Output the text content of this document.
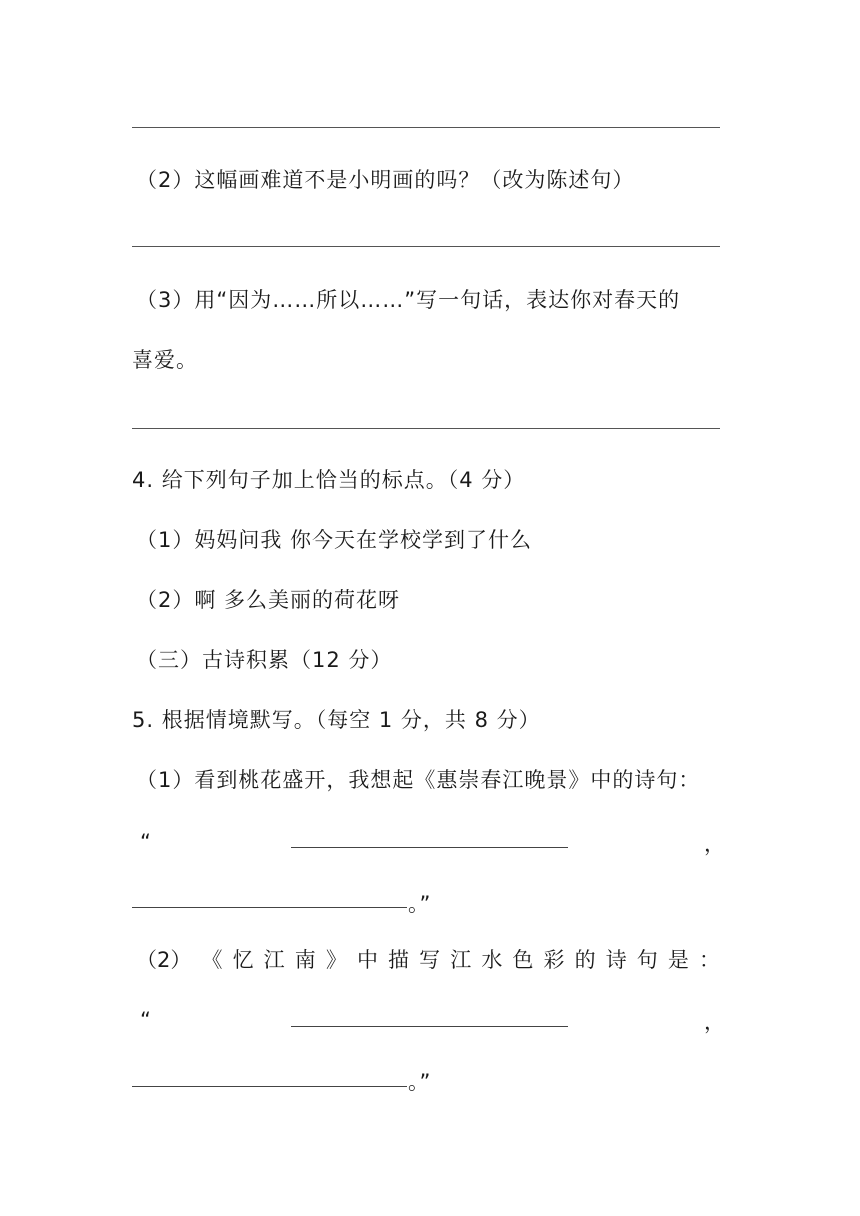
（2）这幅画难道不是小明画的吗？（改为陈述句）
（3）用“因为……所以……”写一句话，表达你对春天的
喜爱。
4. 给下列句子加上恰当的标点。（4 分）
（1）妈妈问我 你今天在学校学到了什么
（2）啊 多么美丽的荷花呀
（三）古诗积累（12 分）
5. 根据情境默写。（每空 1 分，共 8 分）
（1）看到桃花盛开，我想起《惠崇春江晚景》中的诗句：
“	，
。”
（2） 《 忆 江 南 》 中 描 写 江 水 色 彩 的 诗 句 是 ：
“	，
。”
